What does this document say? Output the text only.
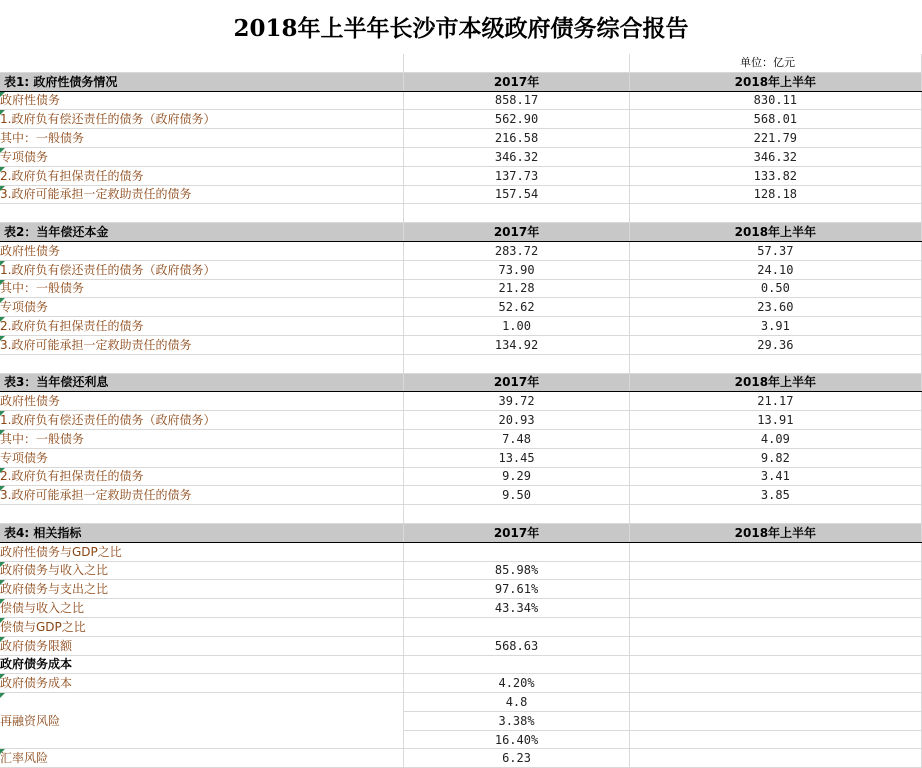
2018年上半年长沙市本级政府债务综合报告
单位：亿元

表1: 政府性债务情况	2017年	2018年上半年
政府性债务	858.17	830.11
1.政府负有偿还责任的债务（政府债务）	562.90	568.01
其中：一般债务	216.58	221.79
专项债务	346.32	346.32
2.政府负有担保责任的债务	137.73	133.82
3.政府可能承担一定救助责任的债务	157.54	128.18

表2：当年偿还本金	2017年	2018年上半年
政府性债务	283.72	57.37
1.政府负有偿还责任的债务（政府债务）	73.90	24.10
其中：一般债务	21.28	0.50
专项债务	52.62	23.60
2.政府负有担保责任的债务	1.00	3.91
3.政府可能承担一定救助责任的债务	134.92	29.36

表3：当年偿还利息	2017年	2018年上半年
政府性债务	39.72	21.17
1.政府负有偿还责任的债务（政府债务）	20.93	13.91
其中：一般债务	7.48	4.09
专项债务	13.45	9.82
2.政府负有担保责任的债务	9.29	3.41
3.政府可能承担一定救助责任的债务	9.50	3.85

表4: 相关指标	2017年	2018年上半年
政府性债务与GDP之比		
政府债务与收入之比	85.98%	
政府债务与支出之比	97.61%	
偿债与收入之比	43.34%	
偿债与GDP之比		
政府债务限额	568.63	
政府债务成本		
政府债务成本	4.20%	
再融资风险	4.8	
	3.38%	
	16.40%	
汇率风险	6.23	
